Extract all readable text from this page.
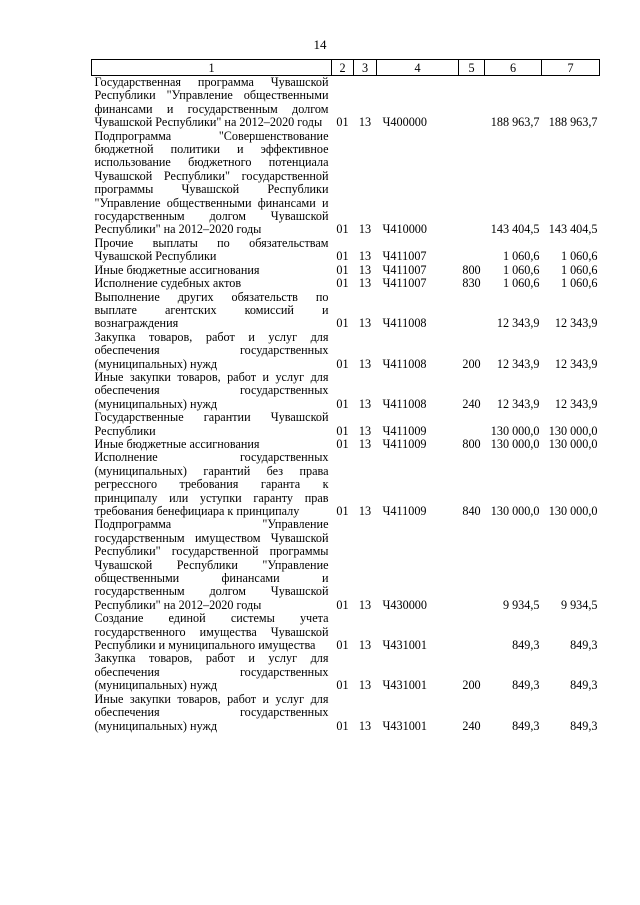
14
1	2	3	4	5	6	7
Государственная программа Чувашской Республики "Управление общественными финансами и государственным долгом Чувашской Республики" на 2012–2020 годы	01	13	Ч400000		188 963,7	188 963,7
Подпрограмма "Совершенствование бюджетной политики и эффективное использование бюджетного потенциала Чувашской Республики" государственной программы Чувашской Республики "Управление общественными финансами и государственным долгом Чувашской Республики" на 2012–2020 годы	01	13	Ч410000		143 404,5	143 404,5
Прочие выплаты по обязательствам Чувашской Республики	01	13	Ч411007		1 060,6	1 060,6
Иные бюджетные ассигнования	01	13	Ч411007	800	1 060,6	1 060,6
Исполнение судебных актов	01	13	Ч411007	830	1 060,6	1 060,6
Выполнение других обязательств по выплате агентских комиссий и вознаграждения	01	13	Ч411008		12 343,9	12 343,9
Закупка товаров, работ и услуг для обеспечения государственных (муниципальных) нужд	01	13	Ч411008	200	12 343,9	12 343,9
Иные закупки товаров, работ и услуг для обеспечения государственных (муниципальных) нужд	01	13	Ч411008	240	12 343,9	12 343,9
Государственные гарантии Чувашской Республики	01	13	Ч411009		130 000,0	130 000,0
Иные бюджетные ассигнования	01	13	Ч411009	800	130 000,0	130 000,0
Исполнение государственных (муниципальных) гарантий без права регрессного требования гаранта к принципалу или уступки гаранту прав требования бенефициара к принципалу	01	13	Ч411009	840	130 000,0	130 000,0
Подпрограмма "Управление государственным имуществом Чувашской Республики" государственной программы Чувашской Республики "Управление общественными финансами и государственным долгом Чувашской Республики" на 2012–2020 годы	01	13	Ч430000		9 934,5	9 934,5
Создание единой системы учета государственного имущества Чувашской Республики и муниципального имущества	01	13	Ч431001		849,3	849,3
Закупка товаров, работ и услуг для обеспечения государственных (муниципальных) нужд	01	13	Ч431001	200	849,3	849,3
Иные закупки товаров, работ и услуг для обеспечения государственных (муниципальных) нужд	01	13	Ч431001	240	849,3	849,3
